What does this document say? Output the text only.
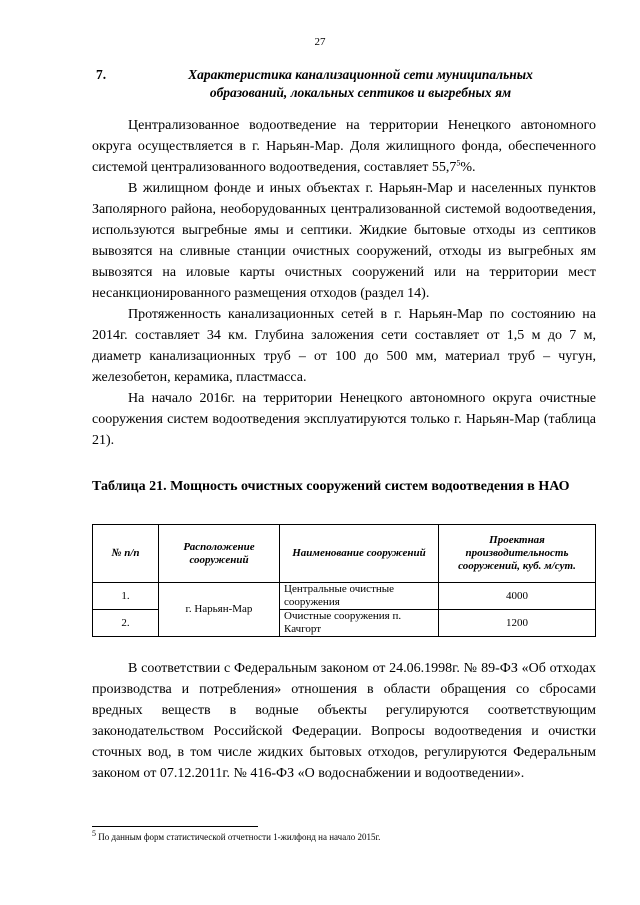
27
7.	Характеристика канализационной сети муниципальных образований, локальных септиков и выгребных ям

Централизованное водоотведение на территории Ненецкого автономного округа осуществляется в г. Нарьян-Мар. Доля жилищного фонда, обеспеченного системой централизованного водоотведения, составляет 55,7$^5$%.

В жилищном фонде и иных объектах г. Нарьян-Мар и населенных пунктов Заполярного района, необорудованных централизованной системой водоотведения, используются выгребные ямы и септики. Жидкие бытовые отходы из септиков вывозятся на сливные станции очистных сооружений, отходы из выгребных ям вывозятся на иловые карты очистных сооружений или на территории мест несанкционированного размещения отходов (раздел 14).

Протяженность канализационных сетей в г. Нарьян-Мар по состоянию на 2014г. составляет 34 км. Глубина заложения сети составляет от 1,5 м до 7 м, диаметр канализационных труб – от 100 до 500 мм, материал труб – чугун, железобетон, керамика, пластмасса.

На начало 2016г. на территории Ненецкого автономного округа очистные сооружения систем водоотведения эксплуатируются только г. Нарьян-Мар (таблица 21).

Таблица 21. Мощность очистных сооружений систем водоотведения в НАО
№ п/п	Расположение сооружений	Наименование сооружений	Проектная производительность сооружений, куб. м/сут.
1.	г. Нарьян-Мар	Центральные очистные сооружения	4000
2.		Очистные сооружения п. Качгорт	1200

В соответствии с Федеральным законом от 24.06.1998г. № 89-ФЗ «Об отходах производства и потребления» отношения в области обращения со сбросами вредных веществ в водные объекты регулируются соответствующим законодательством Российской Федерации. Вопросы водоотведения и очистки сточных вод, в том числе жидких бытовых отходов, регулируются Федеральным законом от 07.12.2011г. № 416-ФЗ «О водоснабжении и водоотведении».

$^5$ По данным форм статистической отчетности 1-жилфонд на начало 2015г.
